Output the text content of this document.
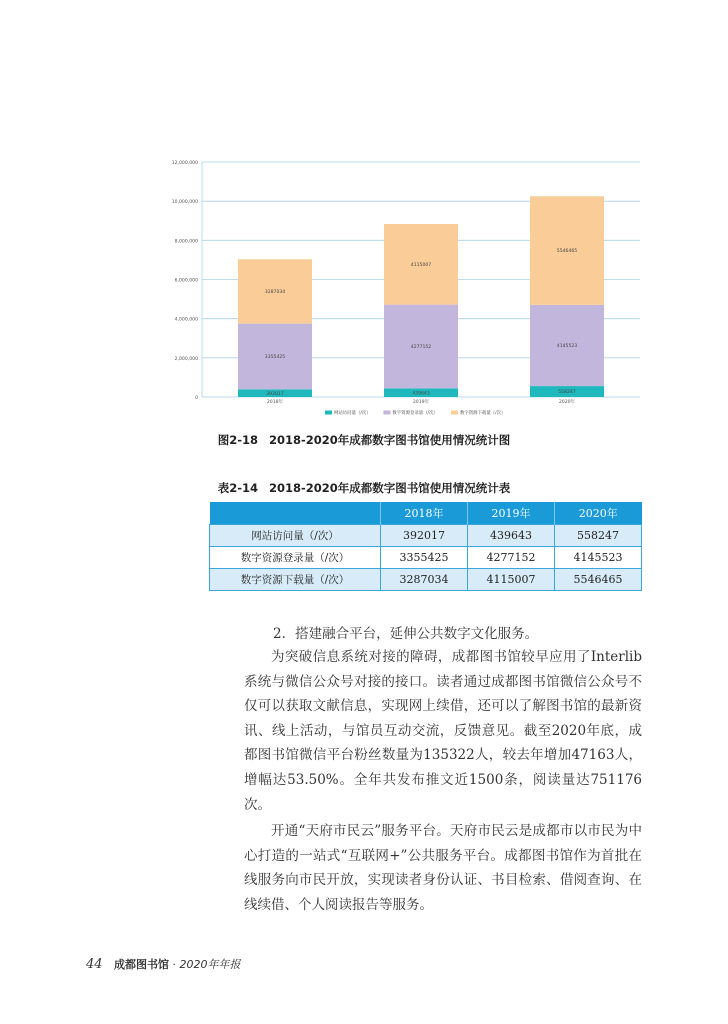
0
2,000,000
4,000,000
6,000,000
8,000,000
10,000,000
12,000,000
392017
3355425
3287034
2018年
439643
4277152
4115007
2019年
558247
4145523
5546465
2020年
网站访问量（/次）	数字资源登录量（/次）	数字资源下载量（/次）
图2-18 2018-2020年成都数字图书馆使用情况统计图
表2-14 2018-2020年成都数字图书馆使用情况统计表
	2018年	2019年	2020年
网站访问量（/次）	392017	439643	558247
数字资源登录量（/次）	3355425	4277152	4145523
数字资源下载量（/次）	3287034	4115007	5546465
2．搭建融合平台，延伸公共数字文化服务。

为突破信息系统对接的障碍，成都图书馆较早应用了Interlib系统与微信公众号对接的接口。读者通过成都图书馆微信公众号不仅可以获取文献信息，实现网上续借，还可以了解图书馆的最新资讯、线上活动，与馆员互动交流，反馈意见。截至2020年底，成都图书馆微信平台粉丝数量为135322人，较去年增加47163人，增幅达53.50%。全年共发布推文近1500条，阅读量达751176次。

开通“天府市民云”服务平台。天府市民云是成都市以市民为中心打造的一站式“互联网+”公共服务平台。成都图书馆作为首批在线服务向市民开放，实现读者身份认证、书目检索、借阅查询、在线续借、个人阅读报告等服务。

44 成都图书馆 · 2020年年报
